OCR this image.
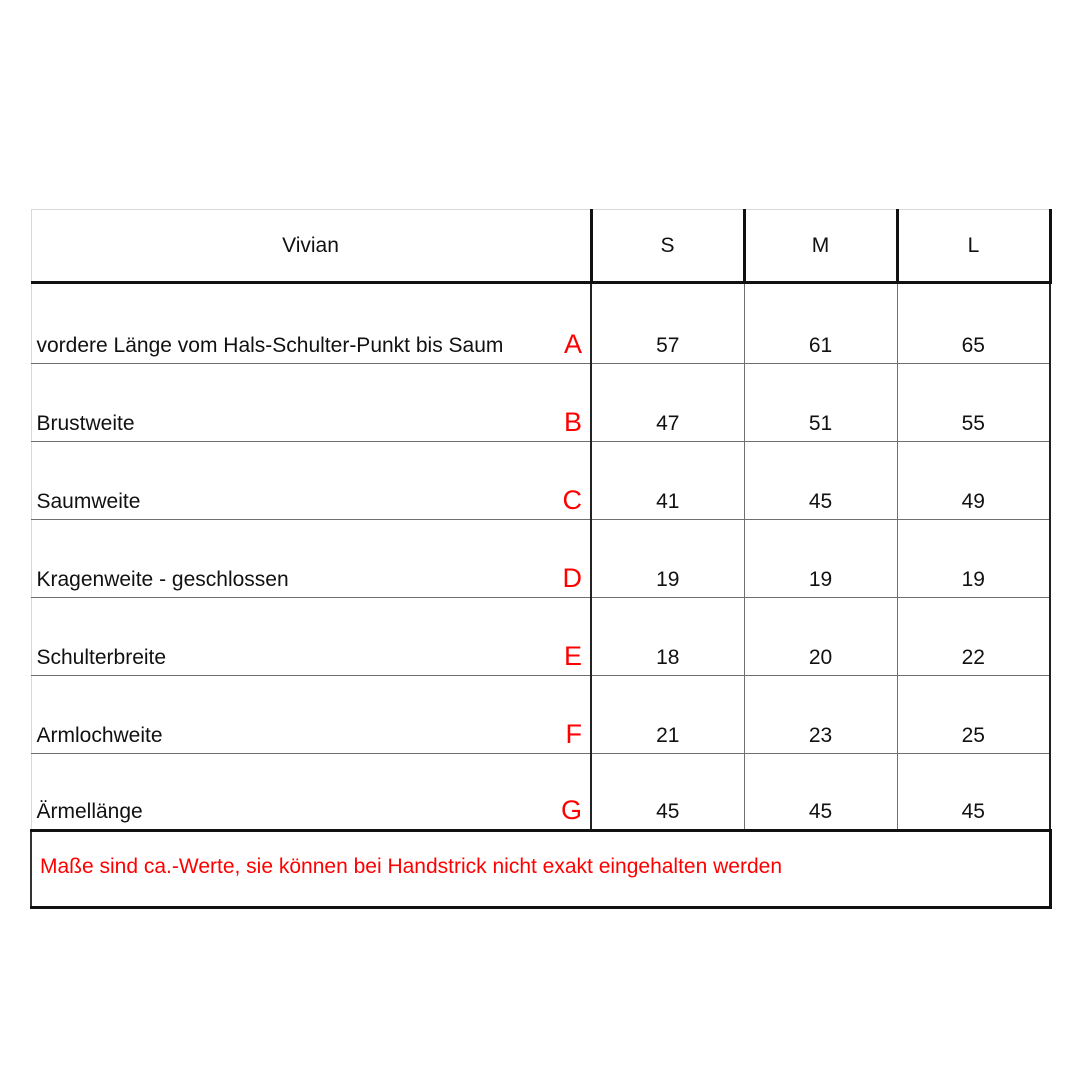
Vivian	S	M	L

vordere Länge vom Hals-Schulter-Punkt bis Saum A	57	61	65

Brustweite B	47	51	55

Saumweite C	41	45	49

Kragenweite - geschlossen D	19	19	19

Schulterbreite E	18	20	22

Armlochweite F	21	23	25

Ärmellänge G	45	45	45
Maße sind ca.-Werte, sie können bei Handstrick nicht exakt eingehalten werden			
